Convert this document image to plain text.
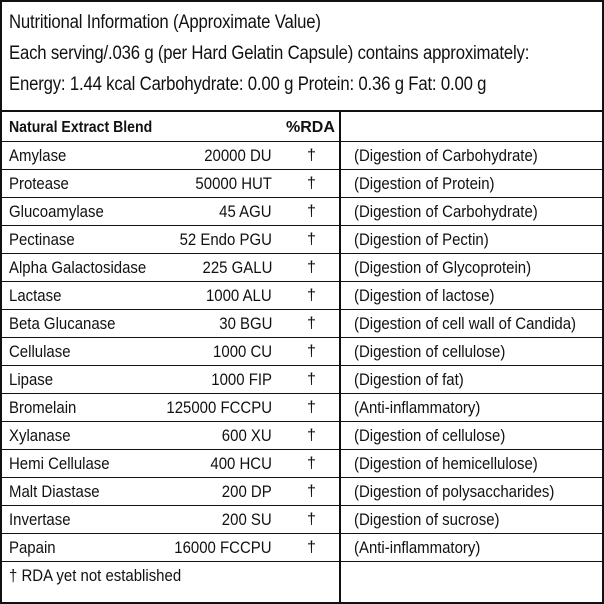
Nutritional Information (Approximate Value)
Each serving/.036 g (per Hard Gelatin Capsule) contains approximately:
Energy: 1.44 kcal Carbohydrate: 0.00 g Protein: 0.36 g Fat: 0.00 g
Natural Extract Blend	%RDA
Amylase	20000 DU † (Digestion of Carbohydrate)
Protease	50000 HUT † (Digestion of Protein)
Glucoamylase	45 AGU † (Digestion of Carbohydrate)
Pectinase	52 Endo PGU † (Digestion of Pectin)
Alpha Galactosidase	225 GALU † (Digestion of Glycoprotein)
Lactase	1000 ALU † (Digestion of lactose)
Beta Glucanase	30 BGU † (Digestion of cell wall of Candida)
Cellulase	1000 CU † (Digestion of cellulose)
Lipase	1000 FIP † (Digestion of fat)
Bromelain	125000 FCCPU † (Anti-inflammatory)
Xylanase	600 XU † (Digestion of cellulose)
Hemi Cellulase	400 HCU † (Digestion of hemicellulose)
Malt Diastase	200 DP † (Digestion of polysaccharides)
Invertase	200 SU † (Digestion of sucrose)
Papain	16000 FCCPU † (Anti-inflammatory)
† RDA yet not established
